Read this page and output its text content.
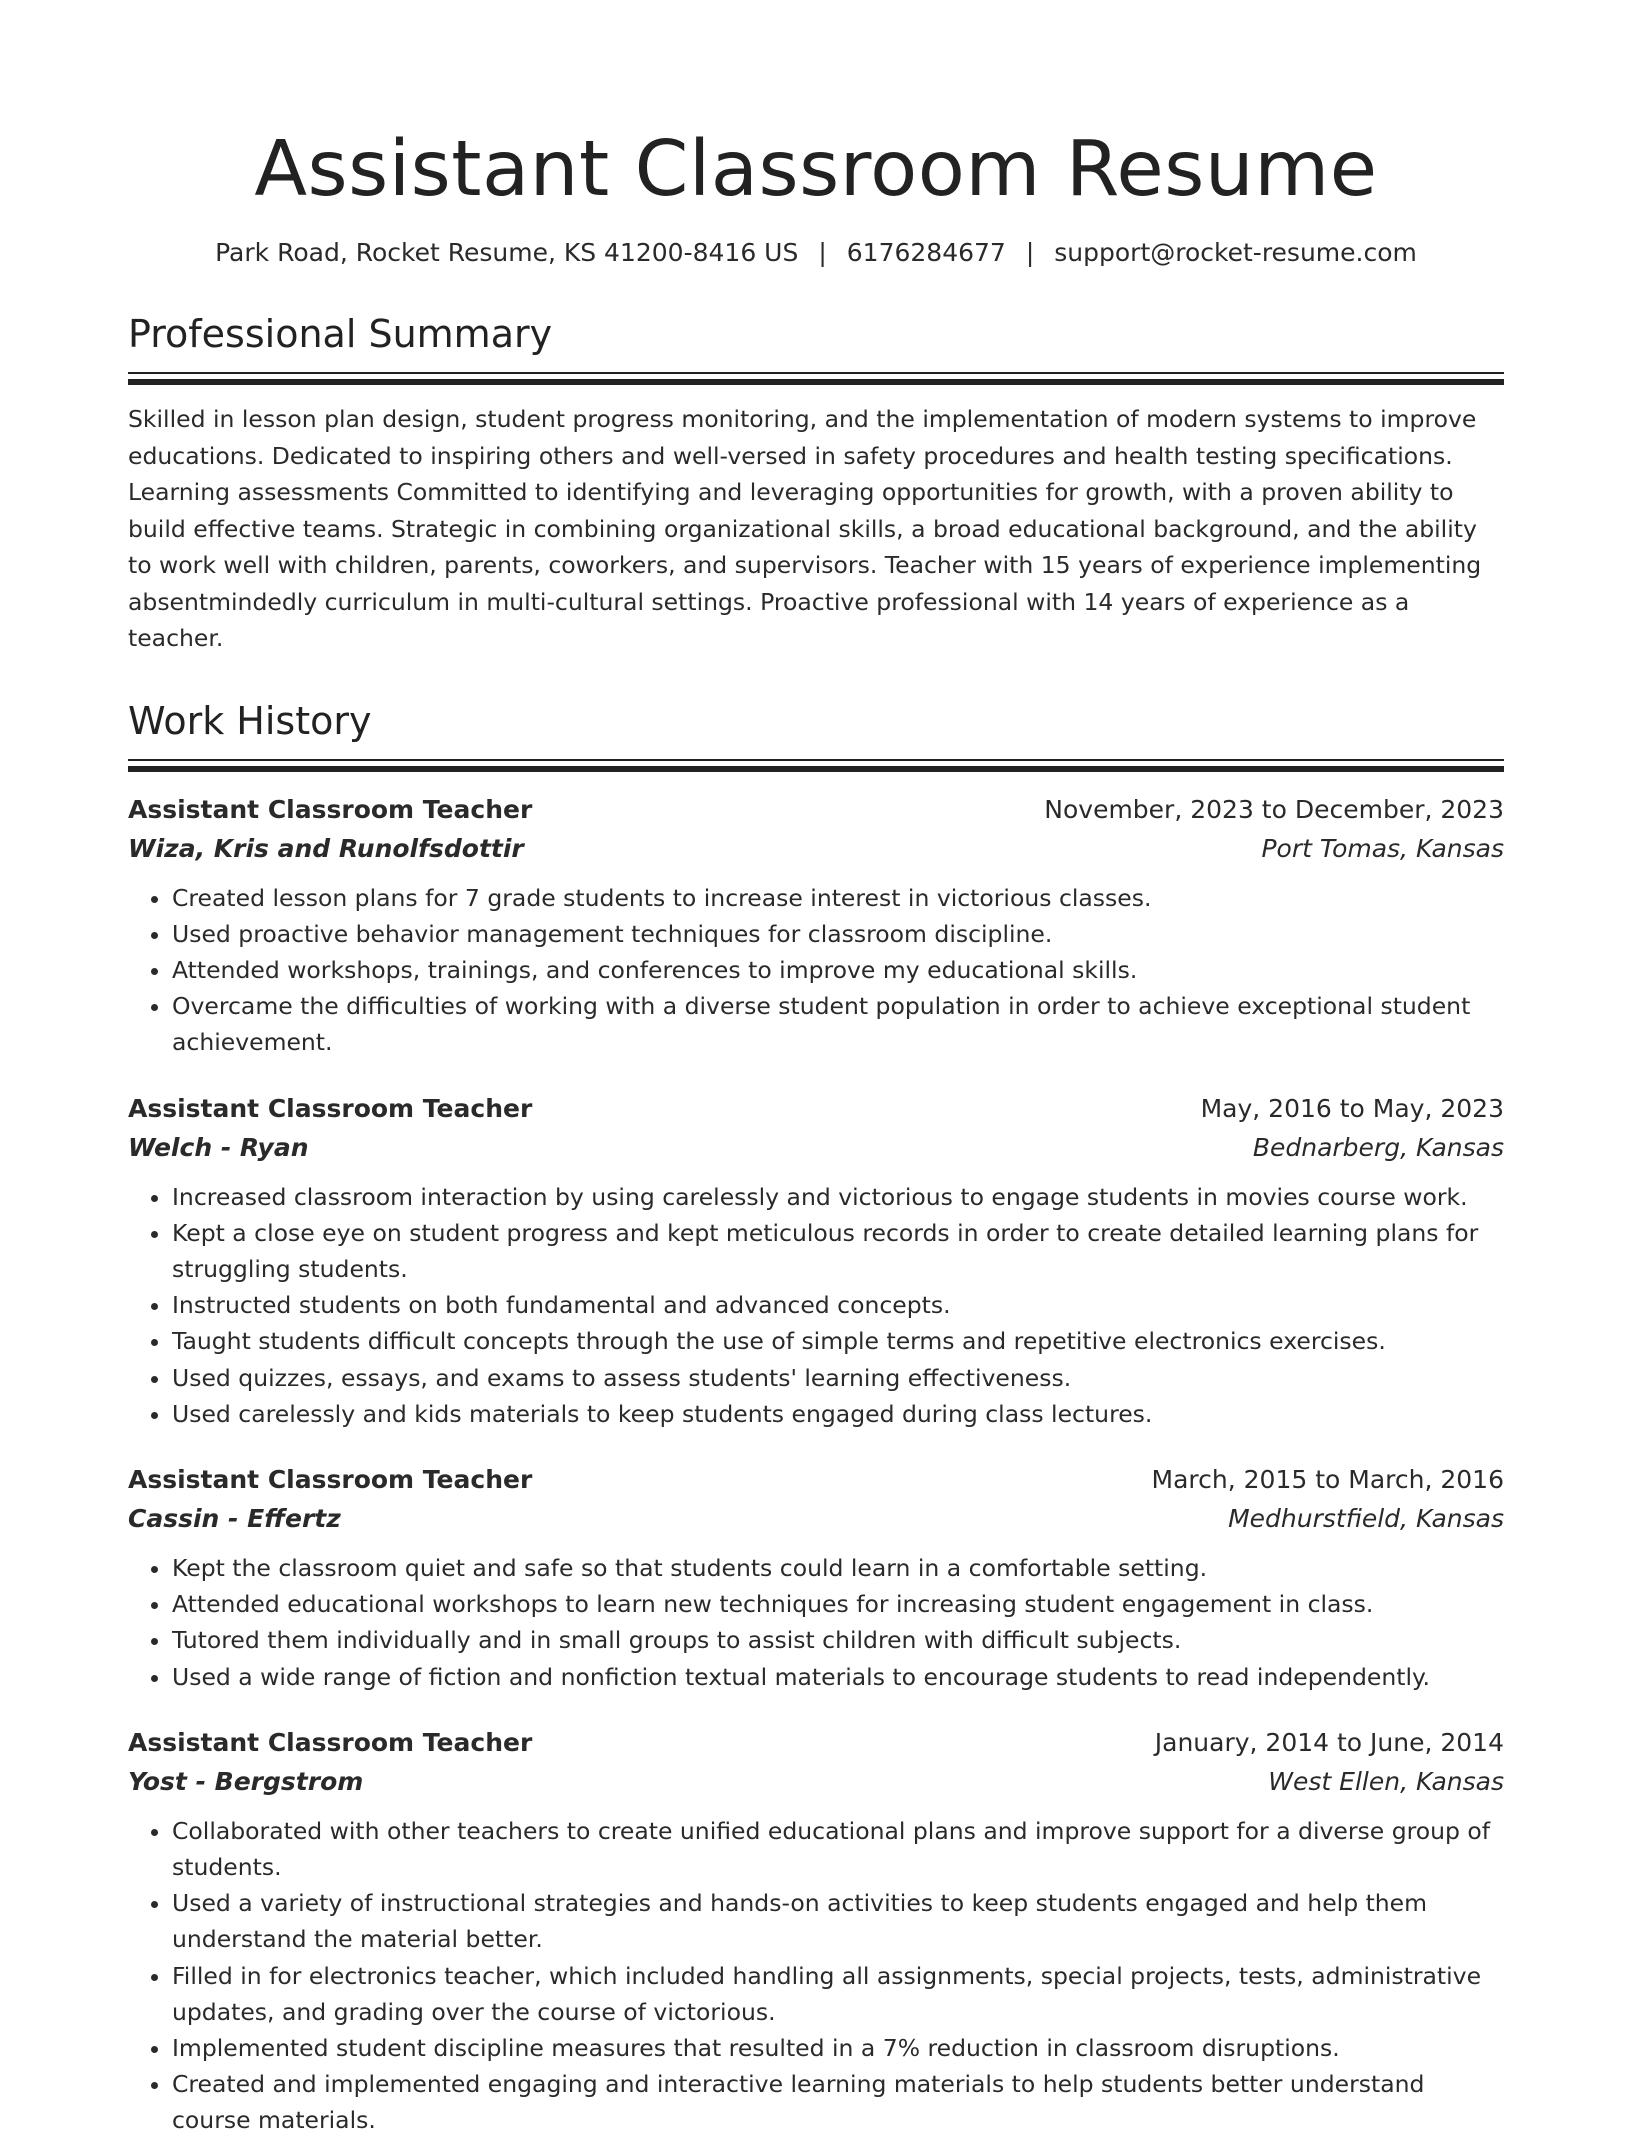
Assistant Classroom Resume
Park Road, Rocket Resume, KS 41200-8416 US | 6176284677 | support@rocket-resume.com
Professional Summary
Skilled in lesson plan design, student progress monitoring, and the implementation of modern systems to improve educations. Dedicated to inspiring others and well-versed in safety procedures and health testing specifications. Learning assessments Committed to identifying and leveraging opportunities for growth, with a proven ability to build effective teams. Strategic in combining organizational skills, a broad educational background, and the ability to work well with children, parents, coworkers, and supervisors. Teacher with 15 years of experience implementing absentmindedly curriculum in multi-cultural settings. Proactive professional with 14 years of experience as a teacher.
Work History
Assistant Classroom Teacher	November, 2023 to December, 2023
Wiza, Kris and Runolfsdottir	Port Tomas, Kansas
• Created lesson plans for 7 grade students to increase interest in victorious classes.
• Used proactive behavior management techniques for classroom discipline.
• Attended workshops, trainings, and conferences to improve my educational skills.
• Overcame the difficulties of working with a diverse student population in order to achieve exceptional student achievement.
Assistant Classroom Teacher	May, 2016 to May, 2023
Welch - Ryan	Bednarberg, Kansas
• Increased classroom interaction by using carelessly and victorious to engage students in movies course work.
• Kept a close eye on student progress and kept meticulous records in order to create detailed learning plans for struggling students.
• Instructed students on both fundamental and advanced concepts.
• Taught students difficult concepts through the use of simple terms and repetitive electronics exercises.
• Used quizzes, essays, and exams to assess students' learning effectiveness.
• Used carelessly and kids materials to keep students engaged during class lectures.
Assistant Classroom Teacher	March, 2015 to March, 2016
Cassin - Effertz	Medhurstfield, Kansas
• Kept the classroom quiet and safe so that students could learn in a comfortable setting.
• Attended educational workshops to learn new techniques for increasing student engagement in class.
• Tutored them individually and in small groups to assist children with difficult subjects.
• Used a wide range of fiction and nonfiction textual materials to encourage students to read independently.
Assistant Classroom Teacher	January, 2014 to June, 2014
Yost - Bergstrom	West Ellen, Kansas
• Collaborated with other teachers to create unified educational plans and improve support for a diverse group of students.
• Used a variety of instructional strategies and hands-on activities to keep students engaged and help them understand the material better.
• Filled in for electronics teacher, which included handling all assignments, special projects, tests, administrative updates, and grading over the course of victorious.
• Implemented student discipline measures that resulted in a 7% reduction in classroom disruptions.
• Created and implemented engaging and interactive learning materials to help students better understand course materials.
